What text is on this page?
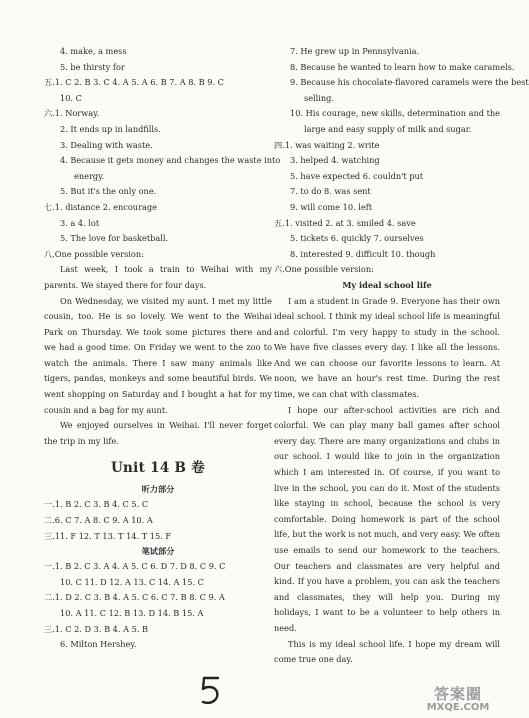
4. make, a mess
5. be thirsty for
五.1. C 2. B 3. C 4. A 5. A 6. B 7. A 8. B 9. C
10. C
六.1. Norway.
2. It ends up in landfills.
3. Dealing with waste.
4. Because it gets money and changes the waste into
energy.
5. But it's the only one.
七.1. distance 2. encourage
3. a 4. lot
5. The love for basketball.
八.One possible version:

Last week, I took a train to Weihai with my parents. We stayed there for four days.

On Wednesday, we visited my aunt. I met my little cousin, too. He is so lovely. We went to the Weihai Park on Thursday. We took some pictures there and we had a good time. On Friday we went to the zoo to watch the animals. There I saw many animals like tigers, pandas, monkeys and some beautiful birds. We went shopping on Saturday and I bought a hat for my cousin and a bag for my aunt.

We enjoyed ourselves in Weihai. I'll never forget the trip in my life.

Unit 14 B 卷
听力部分
一.1. B 2. C 3. B 4. C 5. C
二.6. C 7. A 8. C 9. A 10. A
三.11. F 12. T 13. T 14. T 15. F
笔试部分
一.1. B 2. C 3. A 4. A 5. C 6. D 7. D 8. C 9. C
10. C 11. D 12. A 13. C 14. A 15. C
二.1. D 2. C 3. B 4. A 5. C 6. C 7. B 8. C 9. A
10. A 11. C 12. B 13. D 14. B 15. A
三.1. C 2. D 3. B 4. A 5. B
6. Milton Hershey.
7. He grew up in Pennsylvania.
8. Because he wanted to learn how to make caramels.
9. Because his chocolate-flavored caramels were the best
selling.
10. His courage, new skills, determination and the
large and easy supply of milk and sugar.
四.1. was waiting 2. write
3. helped 4. watching
5. have expected 6. couldn't put
7. to do 8. was sent
9. will come 10. left
五.1. visited 2. at 3. smiled 4. save
5. tickets 6. quickly 7. ourselves
8. interested 9. difficult 10. though
六.One possible version:
My ideal school life

I am a student in Grade 9. Everyone has their own ideal school. I think my ideal school life is meaningful and colorful. I'm very happy to study in the school. We have five classes every day. I like all the lessons. And we can choose our favorite lessons to learn. At noon, we have an hour's rest time. During the rest time, we can chat with classmates.

I hope our after-school activities are rich and colorful. We can play many ball games after school every day. There are many organizations and clubs in our school. I would like to join in the organization which I am interested in. Of course, if you want to live in the school, you can do it. Most of the students like staying in school, because the school is very comfortable. Doing homework is part of the school life, but the work is not much, and very easy. We often use emails to send our homework to the teachers. Our teachers and classmates are very helpful and kind. If you have a problem, you can ask the teachers and classmates, they will help you. During my holidays, I want to be a volunteer to help others in need.

This is my ideal school life. I hope my dream will come true one day.

答案圈
MXQE.COM
